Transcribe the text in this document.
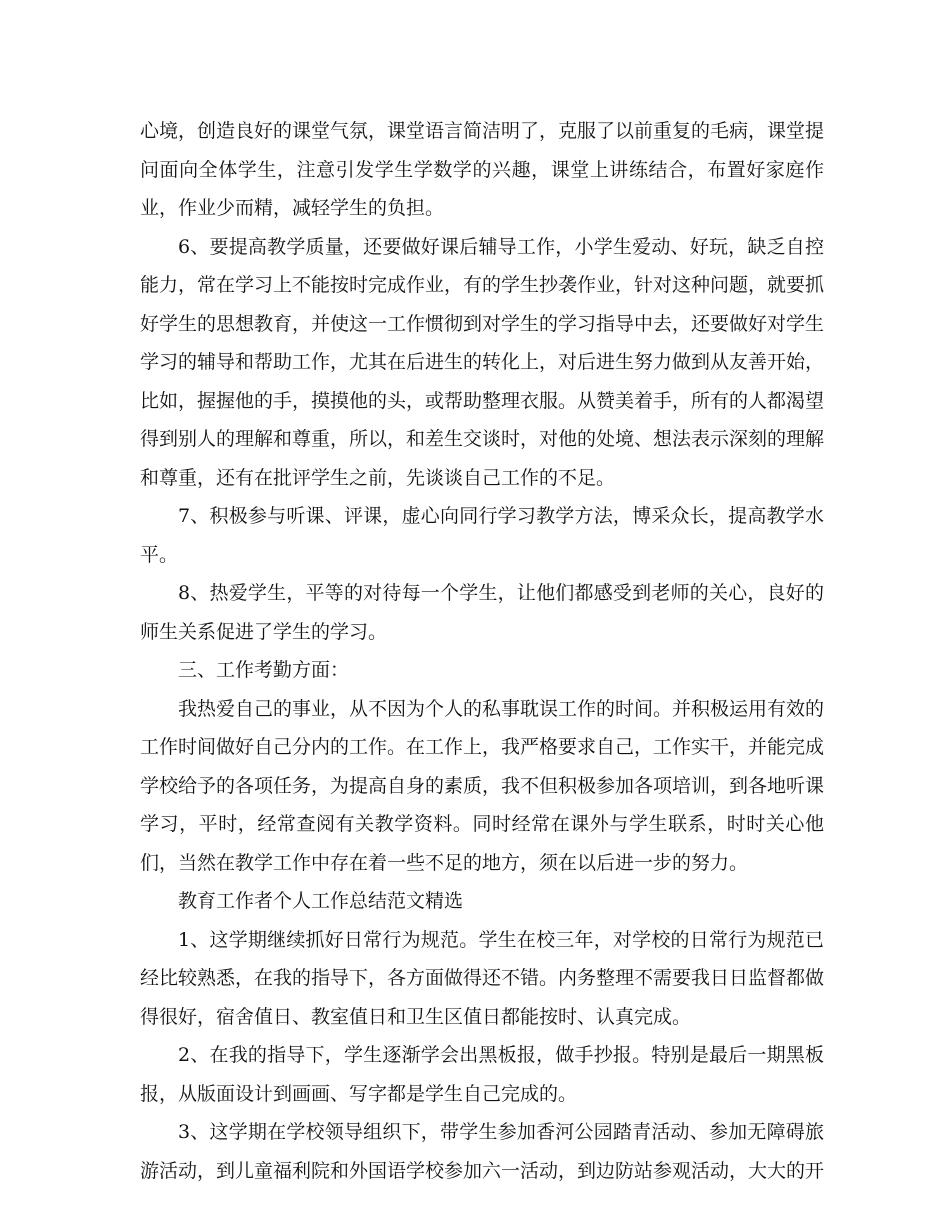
心境，创造良好的课堂气氛，课堂语言简洁明了，克服了以前重复的毛病，课堂提问面向全体学生，注意引发学生学数学的兴趣，课堂上讲练结合，布置好家庭作业，作业少而精，减轻学生的负担。

6、要提高教学质量，还要做好课后辅导工作，小学生爱动、好玩，缺乏自控能力，常在学习上不能按时完成作业，有的学生抄袭作业，针对这种问题，就要抓好学生的思想教育，并使这一工作惯彻到对学生的学习指导中去，还要做好对学生学习的辅导和帮助工作，尤其在后进生的转化上，对后进生努力做到从友善开始，比如，握握他的手，摸摸他的头，或帮助整理衣服。从赞美着手，所有的人都渴望得到别人的理解和尊重，所以，和差生交谈时，对他的处境、想法表示深刻的理解和尊重，还有在批评学生之前，先谈谈自己工作的不足。

7、积极参与听课、评课，虚心向同行学习教学方法，博采众长，提高教学水平。

8、热爱学生，平等的对待每一个学生，让他们都感受到老师的关心，良好的师生关系促进了学生的学习。

三、工作考勤方面：

我热爱自己的事业，从不因为个人的私事耽误工作的时间。并积极运用有效的工作时间做好自己分内的工作。在工作上，我严格要求自己，工作实干，并能完成学校给予的各项任务，为提高自身的素质，我不但积极参加各项培训，到各地听课学习，平时，经常查阅有关教学资料。同时经常在课外与学生联系，时时关心他们，当然在教学工作中存在着一些不足的地方，须在以后进一步的努力。

教育工作者个人工作总结范文精选

1、这学期继续抓好日常行为规范。学生在校三年，对学校的日常行为规范已经比较熟悉，在我的指导下，各方面做得还不错。内务整理不需要我日日监督都做得很好，宿舍值日、教室值日和卫生区值日都能按时、认真完成。

2、在我的指导下，学生逐渐学会出黑板报，做手抄报。特别是最后一期黑板报，从版面设计到画画、写字都是学生自己完成的。

3、这学期在学校领导组织下，带学生参加香河公园踏青活动、参加无障碍旅游活动，到儿童福利院和外国语学校参加六一活动，到边防站参观活动，大大的开
